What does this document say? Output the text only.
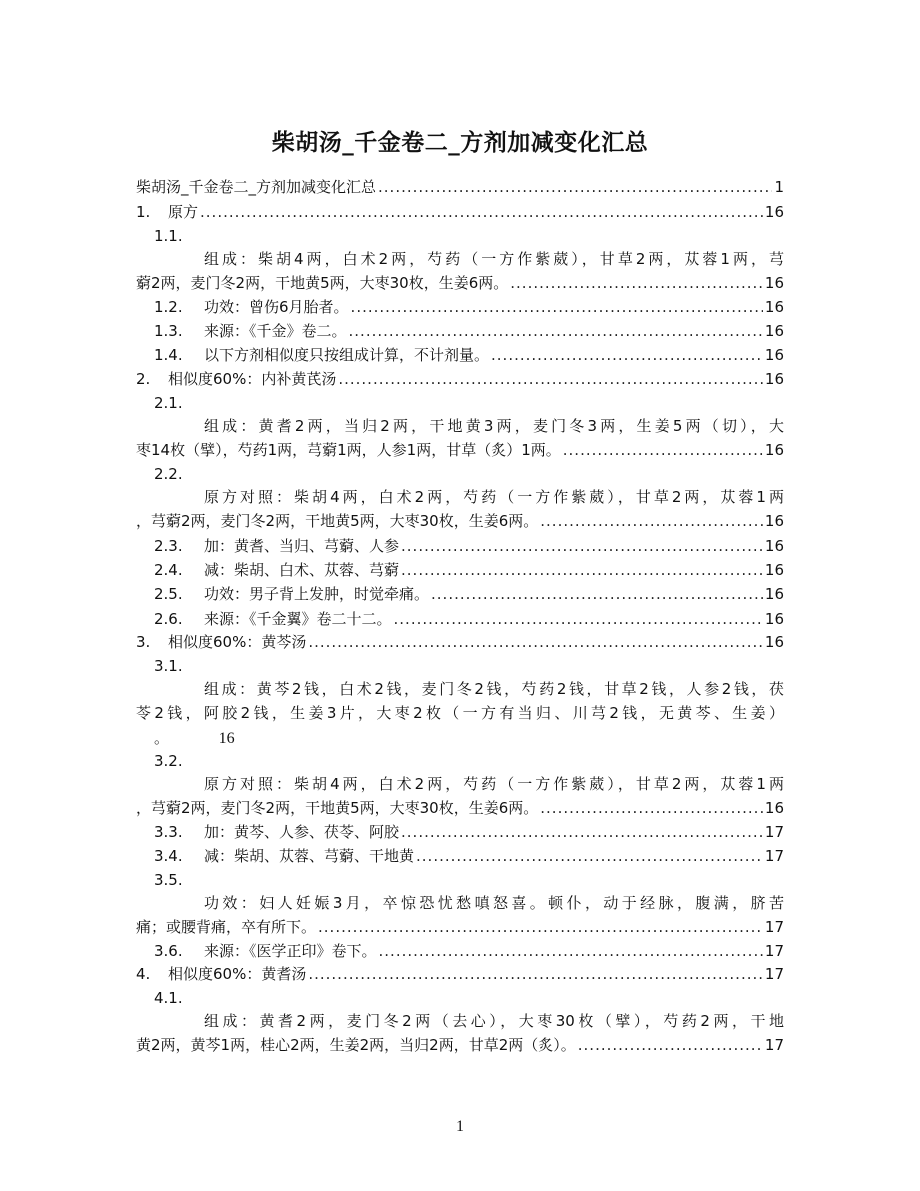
柴胡汤_千金卷二_方剂加减变化汇总
柴胡汤_千金卷二_方剂加减变化汇总 .....	1
1.	原方 .....	16
1.1.
组成：柴胡4两，白术2两，芍药（一方作紫葳），甘草2两，苁蓉1两，芎
藭2两，麦门冬2两，干地黄5两，大枣30枚，生姜6两。 .....	16
1.2.	功效：曾伤6月胎者。 .....	16
1.3.	来源：《千金》卷二。 .....	16
1.4.	以下方剂相似度只按组成计算，不计剂量。 .....	16
2.	相似度60%：内补黄芪汤 .....	16
2.1.
组成：黄耆2两，当归2两，干地黄3两，麦门冬3两，生姜5两（切），大
枣14枚（擘），芍药1两，芎藭1两，人参1两，甘草（炙）1两。 .....	16
2.2.
原方对照：柴胡4两，白术2两，芍药（一方作紫葳），甘草2两，苁蓉1两
，芎藭2两，麦门冬2两，干地黄5两，大枣30枚，生姜6两。 .....	16
2.3.	加：黄耆、当归、芎藭、人参 .....	16
2.4.	减：柴胡、白术、苁蓉、芎藭 .....	16
2.5.	功效：男子背上发肿，时觉牵痛。 .....	16
2.6.	来源：《千金翼》卷二十二。 .....	16
3.	相似度60%：黄芩汤 .....	16
3.1.
组成：黄芩2钱，白术2钱，麦门冬2钱，芍药2钱，甘草2钱，人参2钱，茯
苓2钱，阿胶2钱，生姜3片，大枣2枚（一方有当归、川芎2钱，无黄芩、生姜）
。	16
3.2.
原方对照：柴胡4两，白术2两，芍药（一方作紫葳），甘草2两，苁蓉1两
，芎藭2两，麦门冬2两，干地黄5两，大枣30枚，生姜6两。 .....	16
3.3.	加：黄芩、人参、茯苓、阿胶 .....	17
3.4.	减：柴胡、苁蓉、芎藭、干地黄 .....	17
3.5.
功效：妇人妊娠3月，卒惊恐忧愁嗔怒喜。顿仆，动于经脉，腹满，脐苦
痛；或腰背痛，卒有所下。 .....	17
3.6.	来源：《医学正印》卷下。 .....	17
4.	相似度60%：黄耆汤 .....	17
4.1.
组成：黄耆2两，麦门冬2两（去心），大枣30枚（擘），芍药2两，干地
黄2两，黄芩1两，桂心2两，生姜2两，当归2两，甘草2两（炙）。 .....	17
1
